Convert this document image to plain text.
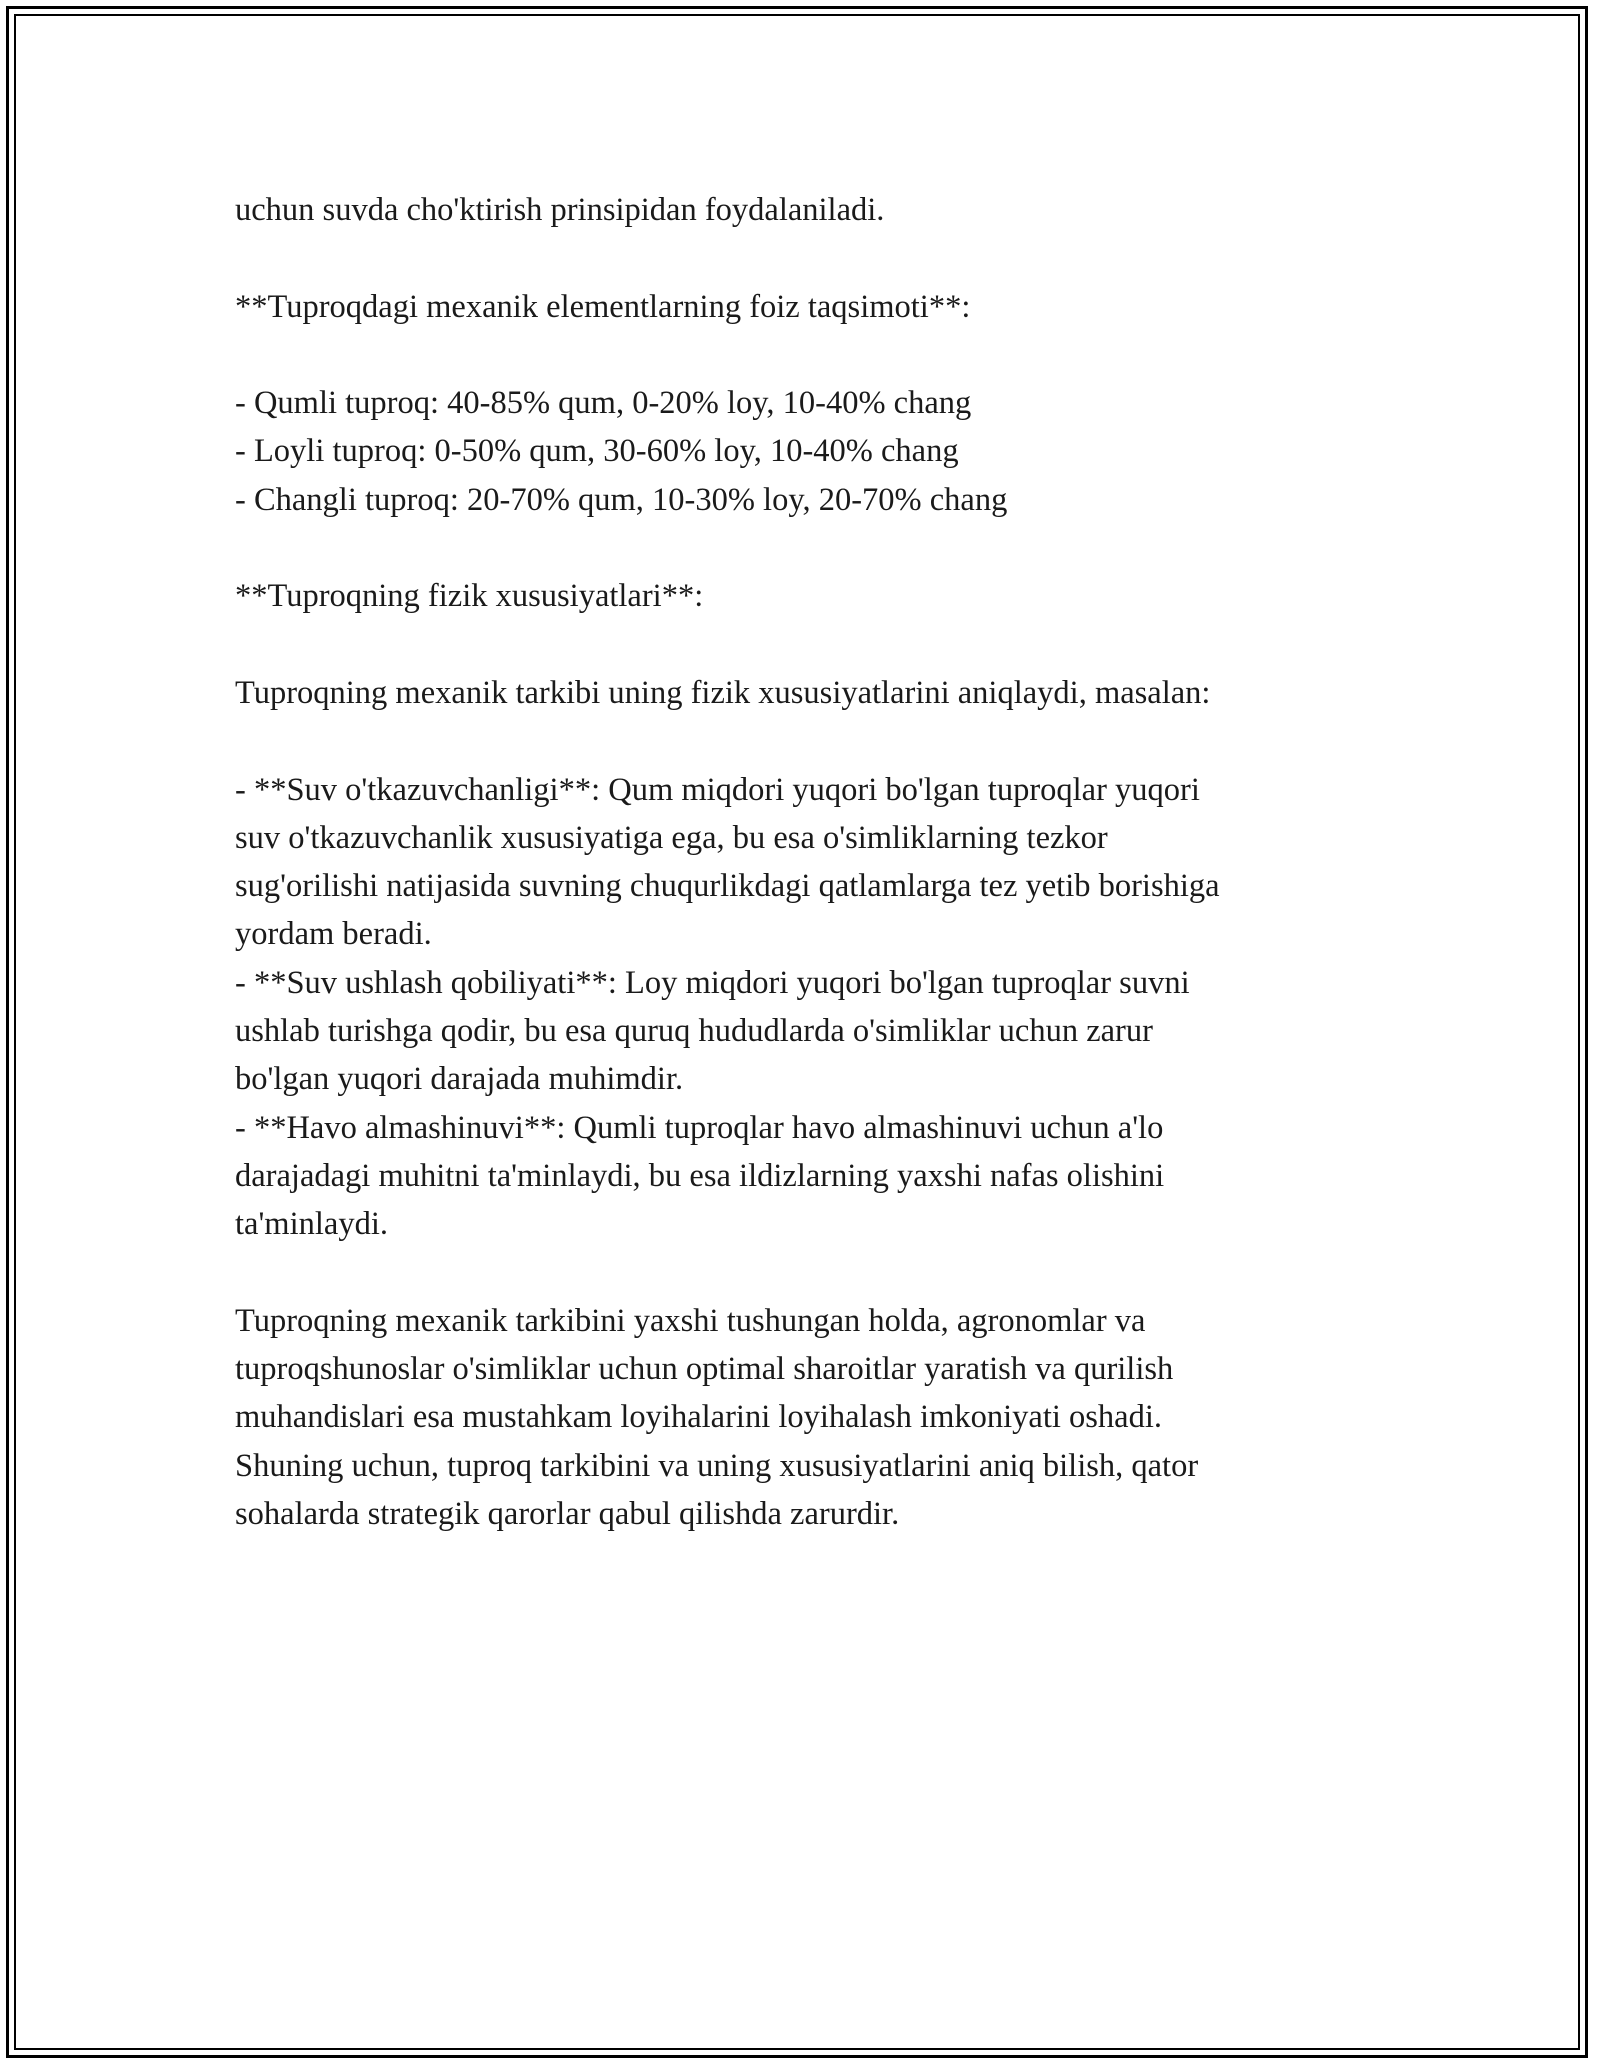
uchun suvda cho'ktirish prinsipidan foydalaniladi.
**Tuproqdagi mexanik elementlarning foiz taqsimoti**:
- Qumli tuproq: 40-85% qum, 0-20% loy, 10-40% chang
- Loyli tuproq: 0-50% qum, 30-60% loy, 10-40% chang
- Changli tuproq: 20-70% qum, 10-30% loy, 20-70% chang
**Tuproqning fizik xususiyatlari**:
Tuproqning mexanik tarkibi uning fizik xususiyatlarini aniqlaydi, masalan:
- **Suv o'tkazuvchanligi**: Qum miqdori yuqori bo'lgan tuproqlar yuqori
suv o'tkazuvchanlik xususiyatiga ega, bu esa o'simliklarning tezkor
sug'orilishi natijasida suvning chuqurlikdagi qatlamlarga tez yetib borishiga
yordam beradi.
- **Suv ushlash qobiliyati**: Loy miqdori yuqori bo'lgan tuproqlar suvni
ushlab turishga qodir, bu esa quruq hududlarda o'simliklar uchun zarur
bo'lgan yuqori darajada muhimdir.
- **Havo almashinuvi**: Qumli tuproqlar havo almashinuvi uchun a'lo
darajadagi muhitni ta'minlaydi, bu esa ildizlarning yaxshi nafas olishini
ta'minlaydi.
Tuproqning mexanik tarkibini yaxshi tushungan holda, agronomlar va
tuproqshunoslar o'simliklar uchun optimal sharoitlar yaratish va qurilish
muhandislari esa mustahkam loyihalarini loyihalash imkoniyati oshadi.
Shuning uchun, tuproq tarkibini va uning xususiyatlarini aniq bilish, qator
sohalarda strategik qarorlar qabul qilishda zarurdir.
